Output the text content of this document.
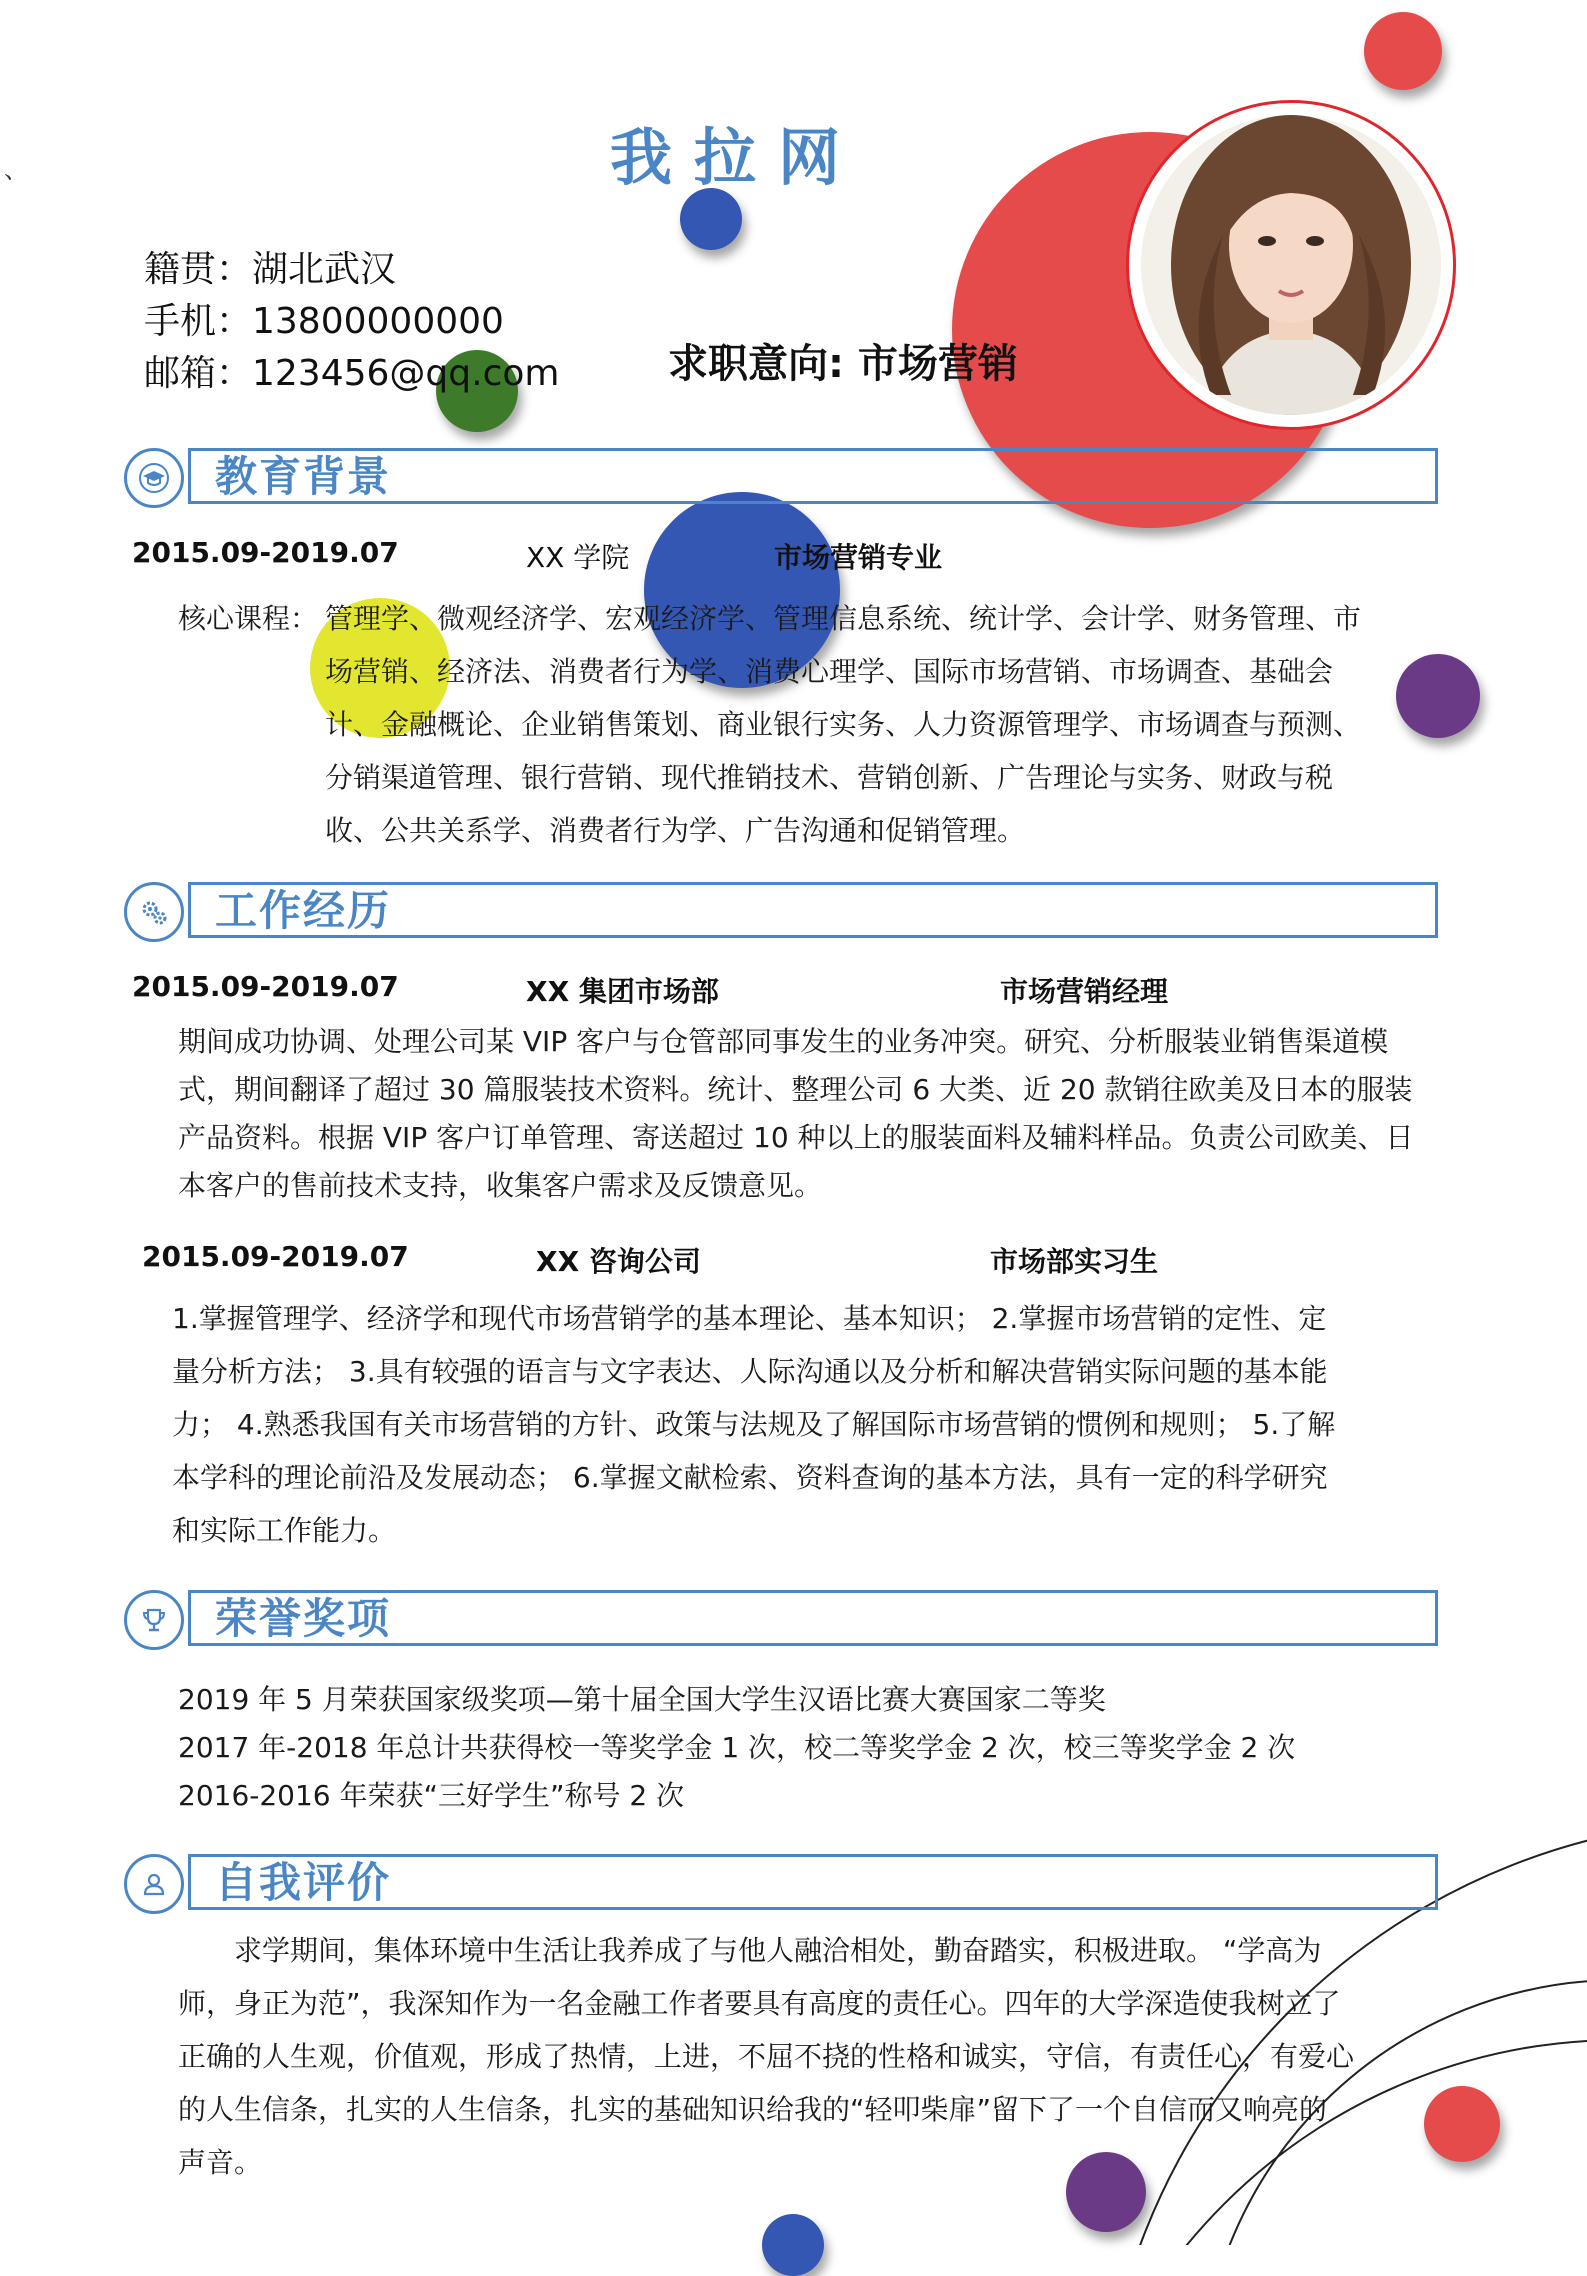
、	我拉网
籍贯：湖北武汉
手机：13800000000
邮箱：123456@qq.com	求职意向: 市场营销
教育背景
2015.09-2019.07	XX 学院	市场营销专业
核心课程： 管理学、微观经济学、宏观经济学、管理信息系统、统计学、会计学、财务管理、市

场营销、经济法、消费者行为学、消费心理学、国际市场营销、市场调查、基础会

计、金融概论、企业销售策划、商业银行实务、人力资源管理学、市场调查与预测、

分销渠道管理、银行营销、现代推销技术、营销创新、广告理论与实务、财政与税

收、公共关系学、消费者行为学、广告沟通和促销管理。

工作经历
2015.09-2019.07	XX 集团市场部	市场营销经理

期间成功协调、处理公司某 VIP 客户与仓管部同事发生的业务冲突。研究、分析服装业销售渠道模

式，期间翻译了超过 30 篇服装技术资料。统计、整理公司 6 大类、近 20 款销往欧美及日本的服装

产品资料。根据 VIP 客户订单管理、寄送超过 10 种以上的服装面料及辅料样品。负责公司欧美、日

本客户的售前技术支持，收集客户需求及反馈意见。

2015.09-2019.07	XX 咨询公司	市场部实习生

1.掌握管理学、经济学和现代市场营销学的基本理论、基本知识； 2.掌握市场营销的定性、定

量分析方法； 3.具有较强的语言与文字表达、人际沟通以及分析和解决营销实际问题的基本能

力； 4.熟悉我国有关市场营销的方针、政策与法规及了解国际市场营销的惯例和规则； 5.了解

本学科的理论前沿及发展动态； 6.掌握文献检索、资料查询的基本方法，具有一定的科学研究

和实际工作能力。

荣誉奖项

2019 年 5 月荣获国家级奖项—第十届全国大学生汉语比赛大赛国家二等奖

2017 年-2018 年总计共获得校一等奖学金 1 次，校二等奖学金 2 次，校三等奖学金 2 次

2016-2016 年荣获“三好学生”称号 2 次

自我评价

求学期间，集体环境中生活让我养成了与他人融洽相处，勤奋踏实，积极进取。 “学高为

师，身正为范”，我深知作为一名金融工作者要具有高度的责任心。四年的大学深造使我树立了

正确的人生观，价值观，形成了热情，上进，不屈不挠的性格和诚实，守信，有责任心，有爱心

的人生信条，扎实的人生信条，扎实的基础知识给我的“轻叩柴扉”留下了一个自信而又响亮的

声音。
